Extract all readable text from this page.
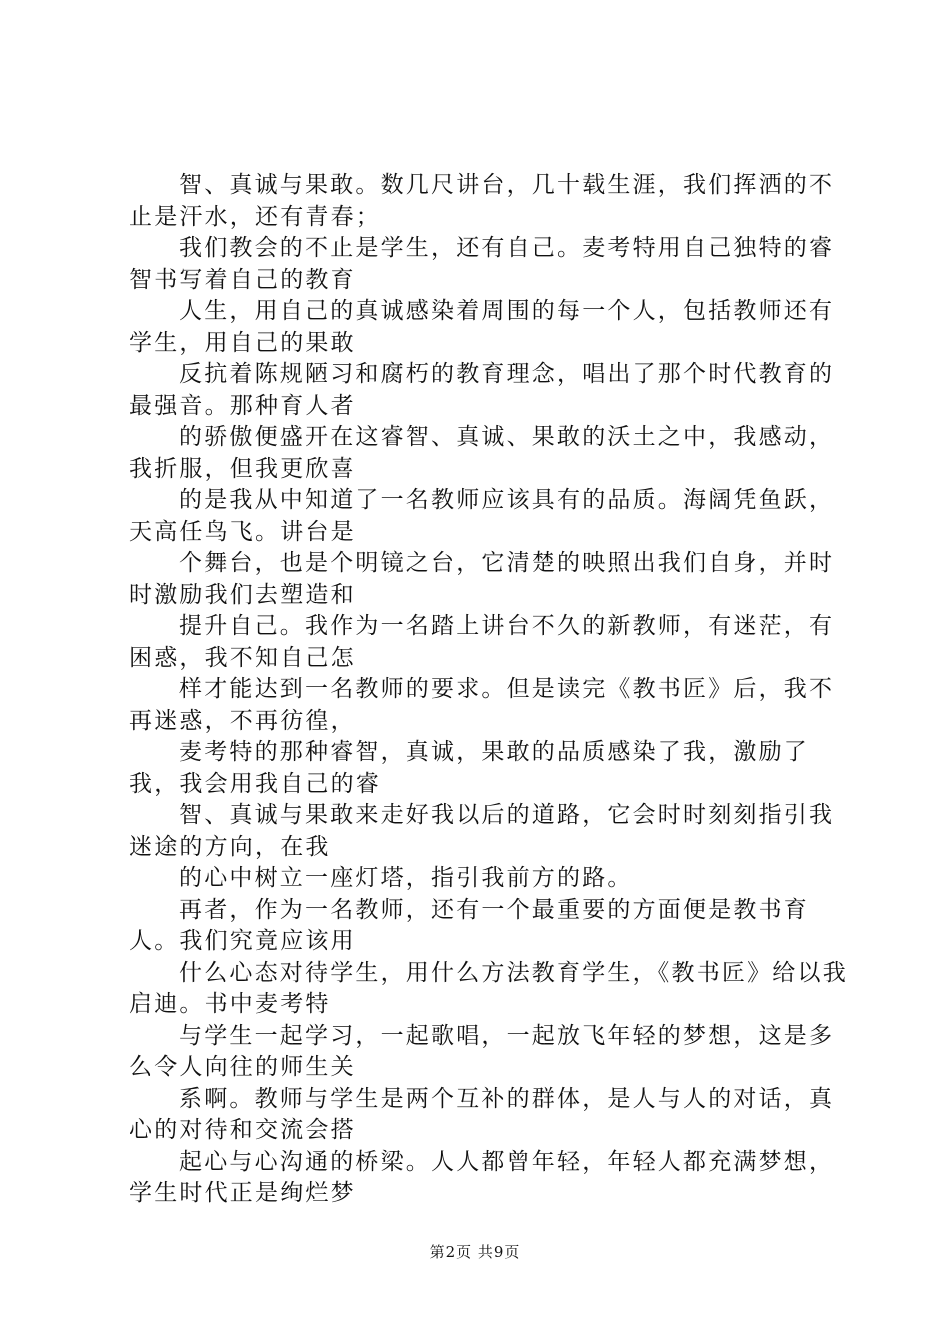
智、真诚与果敢。数几尺讲台，几十载生涯，我们挥洒的不止是汗水，还有青春；

我们教会的不止是学生，还有自己。麦考特用自己独特的睿智书写着自己的教育

人生，用自己的真诚感染着周围的每一个人，包括教师还有学生，用自己的果敢

反抗着陈规陋习和腐朽的教育理念，唱出了那个时代教育的最强音。那种育人者

的骄傲便盛开在这睿智、真诚、果敢的沃土之中，我感动，我折服，但我更欣喜

的是我从中知道了一名教师应该具有的品质。海阔凭鱼跃，天高任鸟飞。讲台是

个舞台，也是个明镜之台，它清楚的映照出我们自身，并时时激励我们去塑造和

提升自己。我作为一名踏上讲台不久的新教师，有迷茫，有困惑，我不知自己怎

样才能达到一名教师的要求。但是读完《教书匠》后，我不再迷惑，不再彷徨，

麦考特的那种睿智，真诚，果敢的品质感染了我，激励了我，我会用我自己的睿

智、真诚与果敢来走好我以后的道路，它会时时刻刻指引我迷途的方向，在我

的心中树立一座灯塔，指引我前方的路。

再者，作为一名教师，还有一个最重要的方面便是教书育人。我们究竟应该用

什么心态对待学生，用什么方法教育学生，《教书匠》给以我启迪。书中麦考特

与学生一起学习，一起歌唱，一起放飞年轻的梦想，这是多么令人向往的师生关

系啊。教师与学生是两个互补的群体，是人与人的对话，真心的对待和交流会搭

起心与心沟通的桥梁。人人都曾年轻，年轻人都充满梦想，学生时代正是绚烂梦

第2页 共9页
